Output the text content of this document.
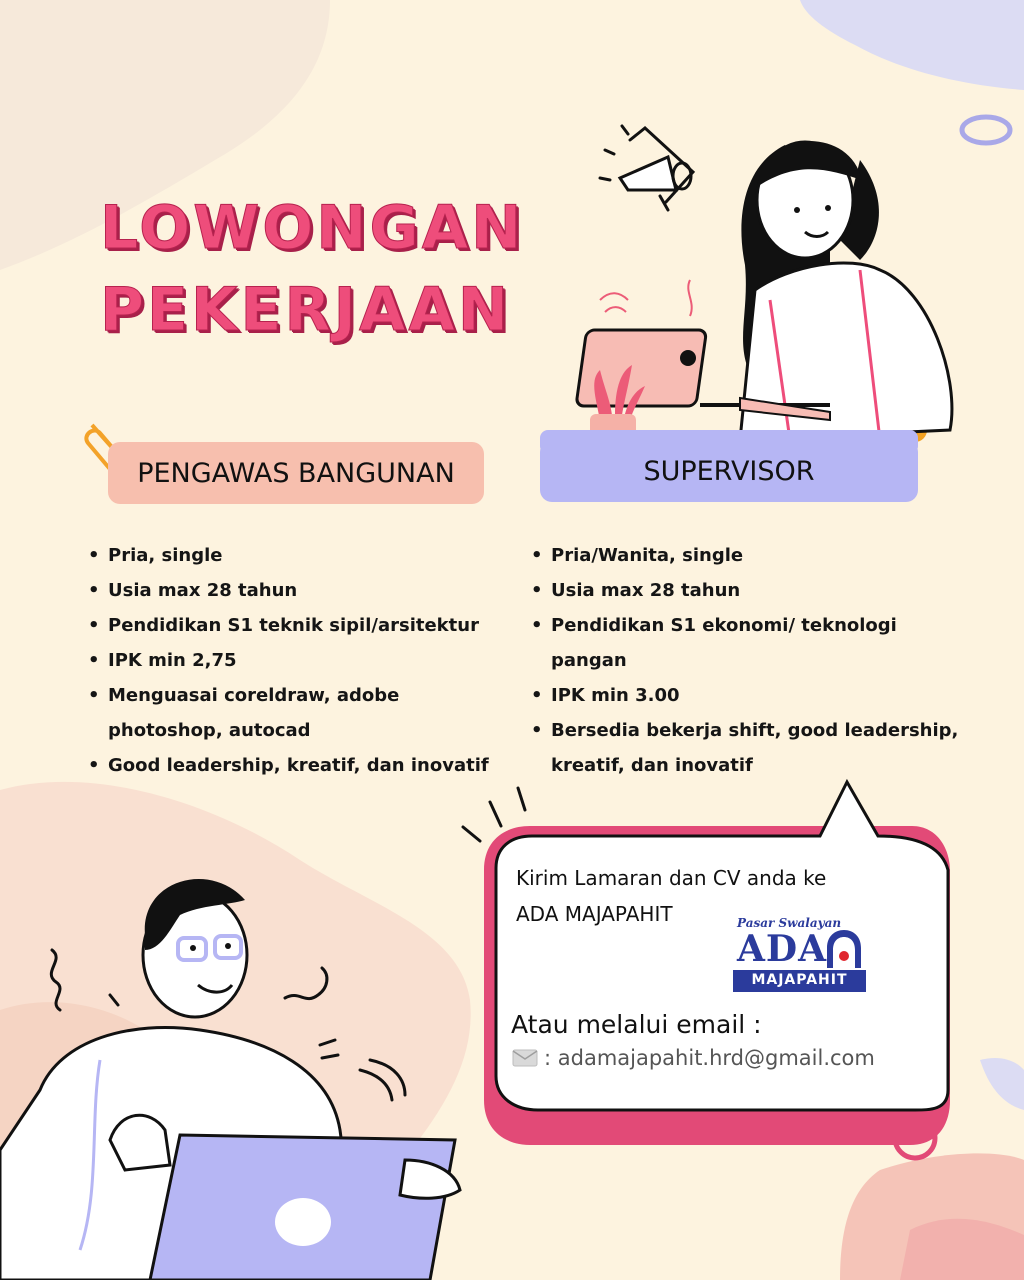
LOWONGAN
PEKERJAAN
PENGAWAS BANGUNAN	SUPERVISOR
• Pria, single
• Usia max 28 tahun
• Pendidikan S1 teknik sipil/arsitektur
• IPK min 2,75
• Menguasai coreldraw, adobe photoshop, autocad
• Good leadership, kreatif, dan inovatif
• Pria/Wanita, single
• Usia max 28 tahun
• Pendidikan S1 ekonomi/ teknologi pangan
• IPK min 3.00
• Bersedia bekerja shift, good leadership, kreatif, dan inovatif
Kirim Lamaran dan CV anda ke
ADA MAJAPAHIT	Pasar Swalayan
ADA
MAJAPAHIT
Atau melalui email :
: adamajapahit.hrd@gmail.com
